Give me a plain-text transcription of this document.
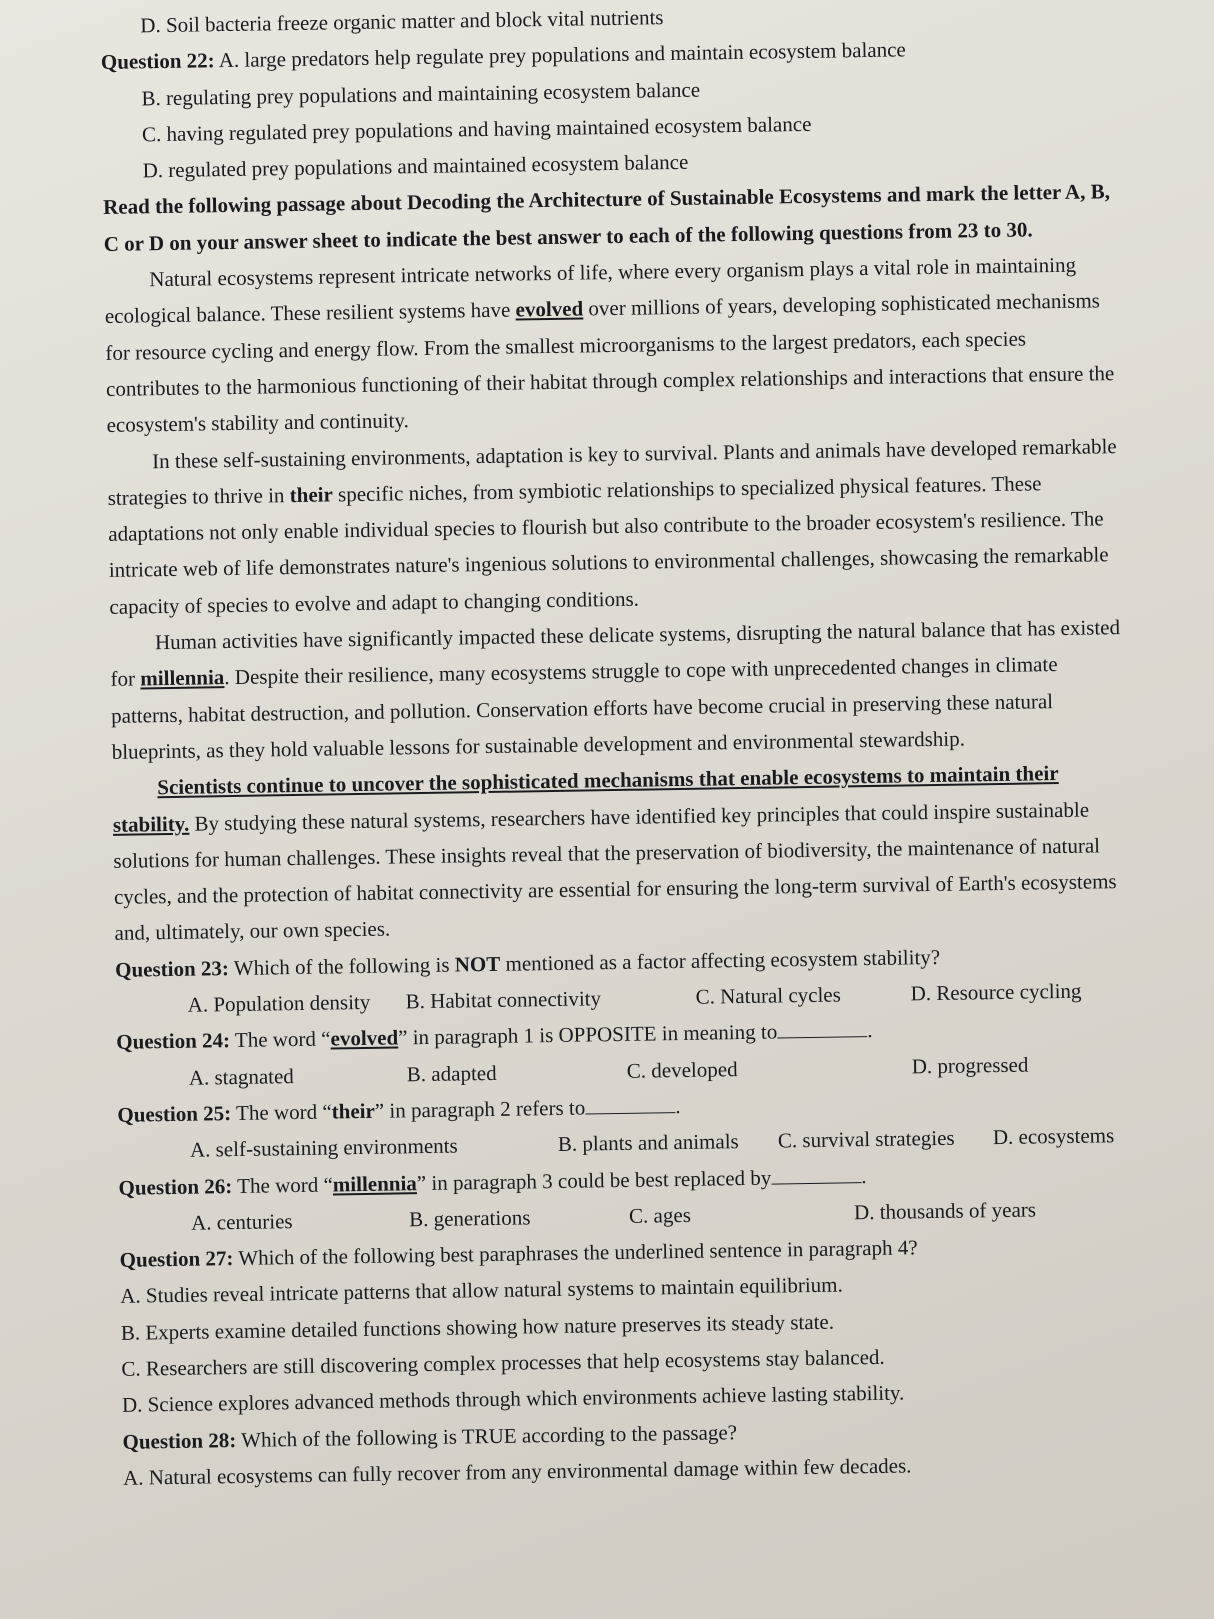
D. Soil bacteria freeze organic matter and block vital nutrients

Question 22: A. large predators help regulate prey populations and maintain ecosystem balance

B. regulating prey populations and maintaining ecosystem balance

C. having regulated prey populations and having maintained ecosystem balance

D. regulated prey populations and maintained ecosystem balance

Read the following passage about Decoding the Architecture of Sustainable Ecosystems and mark the letter A, B,

C or D on your answer sheet to indicate the best answer to each of the following questions from 23 to 30.

Natural ecosystems represent intricate networks of life, where every organism plays a vital role in maintaining

ecological balance. These resilient systems have evolved over millions of years, developing sophisticated mechanisms

for resource cycling and energy flow. From the smallest microorganisms to the largest predators, each species

contributes to the harmonious functioning of their habitat through complex relationships and interactions that ensure the

ecosystem's stability and continuity.

In these self-sustaining environments, adaptation is key to survival. Plants and animals have developed remarkable

strategies to thrive in their specific niches, from symbiotic relationships to specialized physical features. These

adaptations not only enable individual species to flourish but also contribute to the broader ecosystem's resilience. The

intricate web of life demonstrates nature's ingenious solutions to environmental challenges, showcasing the remarkable

capacity of species to evolve and adapt to changing conditions.

Human activities have significantly impacted these delicate systems, disrupting the natural balance that has existed

for millennia. Despite their resilience, many ecosystems struggle to cope with unprecedented changes in climate

patterns, habitat destruction, and pollution. Conservation efforts have become crucial in preserving these natural

blueprints, as they hold valuable lessons for sustainable development and environmental stewardship.

Scientists continue to uncover the sophisticated mechanisms that enable ecosystems to maintain their

stability. By studying these natural systems, researchers have identified key principles that could inspire sustainable

solutions for human challenges. These insights reveal that the preservation of biodiversity, the maintenance of natural

cycles, and the protection of habitat connectivity are essential for ensuring the long-term survival of Earth's ecosystems

and, ultimately, our own species.

Question 23: Which of the following is NOT mentioned as a factor affecting ecosystem stability?

A. Population density B. Habitat connectivity	C. Natural cycles	D. Resource cycling

Question 24: The word “evolved” in paragraph 1 is OPPOSITE in meaning to	.

A. stagnated	B. adapted	C. developed	D. progressed

Question 25: The word “their” in paragraph 2 refers to	.

A. self-sustaining environments	B. plants and animals C. survival strategies D. ecosystems

Question 26: The word “millennia” in paragraph 3 could be best replaced by	.

A. centuries	B. generations	C. ages	D. thousands of years

Question 27: Which of the following best paraphrases the underlined sentence in paragraph 4?

A. Studies reveal intricate patterns that allow natural systems to maintain equilibrium.

B. Experts examine detailed functions showing how nature preserves its steady state.

C. Researchers are still discovering complex processes that help ecosystems stay balanced.

D. Science explores advanced methods through which environments achieve lasting stability.

Question 28: Which of the following is TRUE according to the passage?

A. Natural ecosystems can fully recover from any environmental damage within few decades.
